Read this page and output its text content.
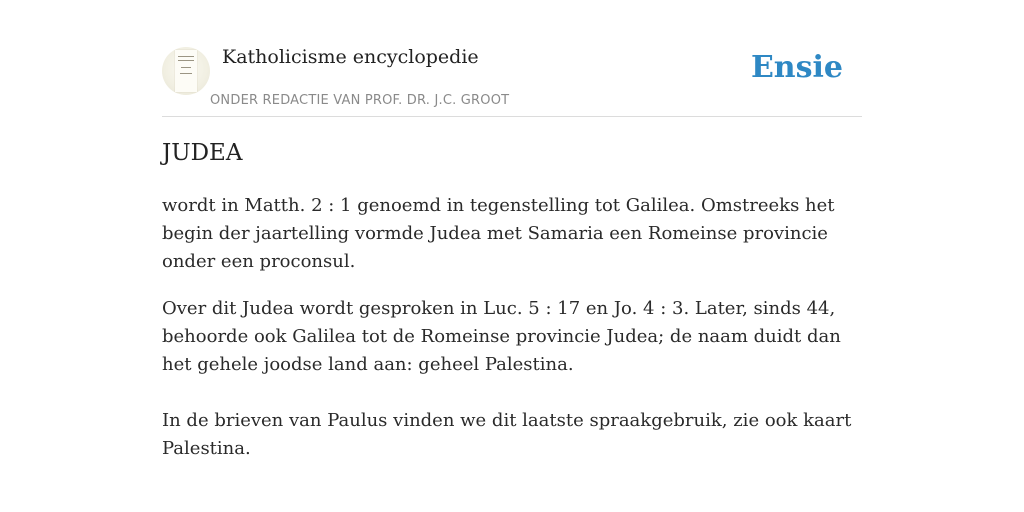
Katholicisme encyclopedie
ONDER REDACTIE VAN PROF. DR. J.C. GROOT
Ensie
JUDEA

wordt in Matth. 2 : 1 genoemd in tegenstelling tot Galilea. Omstreeks het begin der jaartelling vormde Judea met Samaria een Romeinse provincie onder een proconsul.

Over dit Judea wordt gesproken in Luc. 5 : 17 en Jo. 4 : 3. Later, sinds 44, behoorde ook Galilea tot de Romeinse provincie Judea; de naam duidt dan het gehele joodse land aan: geheel Palestina.

In de brieven van Paulus vinden we dit laatste spraakgebruik, zie ook kaart Palestina.
